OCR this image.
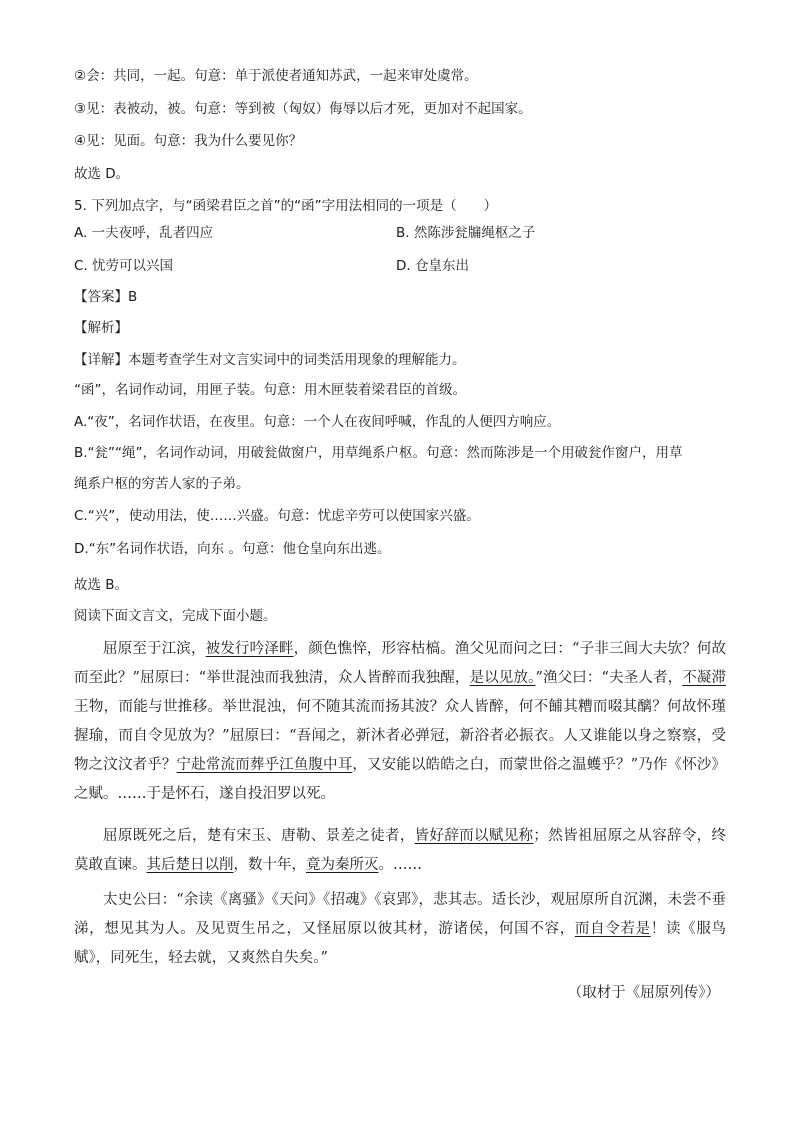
②会：共同，一起。句意：单于派使者通知苏武，一起来审处虞常。
③见：表被动，被。句意：等到被（匈奴）侮辱以后才死，更加对不起国家。
④见：见面。句意：我为什么要见你？
故选 D。
5. 下列加点字，与“函梁君臣之首”的“函”字用法相同的一项是（　　）
A. 一夫夜呼，乱者四应	B. 然陈涉瓮牖绳枢之子
C. 忧劳可以兴国	D. 仓皇东出
【答案】B
【解析】
【详解】本题考查学生对文言实词中的词类活用现象的理解能力。
“函”，名词作动词，用匣子装。句意：用木匣装着梁君臣的首级。
A.“夜”，名词作状语，在夜里。句意：一个人在夜间呼喊，作乱的人便四方响应。
B.“瓮”“绳”，名词作动词，用破瓮做窗户，用草绳系户枢。句意：然而陈涉是一个用破瓮作窗户，用草
绳系户枢的穷苦人家的子弟。
C.“兴”，使动用法，使……兴盛。句意：忧虑辛劳可以使国家兴盛。
D.“东”名词作状语，向东 。句意：他仓皇向东出逃。
故选 B。
阅读下面文言文，完成下面小题。

屈原至于江滨，被发行吟泽畔，颜色憔悴，形容枯槁。渔父见而问之曰：“子非三闾大夫欤？何故而至此？”屈原曰：“举世混浊而我独清，众人皆醉而我独醒，是以见放。”渔父曰：“夫圣人者，不凝滞王物，而能与世推移。举世混浊，何不随其流而扬其波？众人皆醉，何不餔其糟而啜其醨？何故怀瑾握瑜，而自令见放为？”屈原曰：“吾闻之，新沐者必弹冠，新浴者必振衣。人又谁能以身之察察，受物之汶汶者乎？宁赴常流而葬乎江鱼腹中耳，又安能以皓皓之白，而蒙世俗之温蠖乎？”乃作《怀沙》之赋。……于是怀石，遂自投汨罗以死。

屈原既死之后，楚有宋玉、唐勒、景差之徒者，皆好辞而以赋见称；然皆祖屈原之从容辞令，终莫敢直谏。其后楚日以削，数十年，竟为秦所灭。……

太史公曰：“余读《离骚》《天问》《招魂》《哀郢》，悲其志。适长沙，观屈原所自沉渊，未尝不垂涕，想见其为人。及见贾生吊之，又怪屈原以彼其材，游诸侯，何国不容，而自令若是！读《服鸟赋》，同死生，轻去就，又爽然自失矣。”

（取材于《屈原列传》）
